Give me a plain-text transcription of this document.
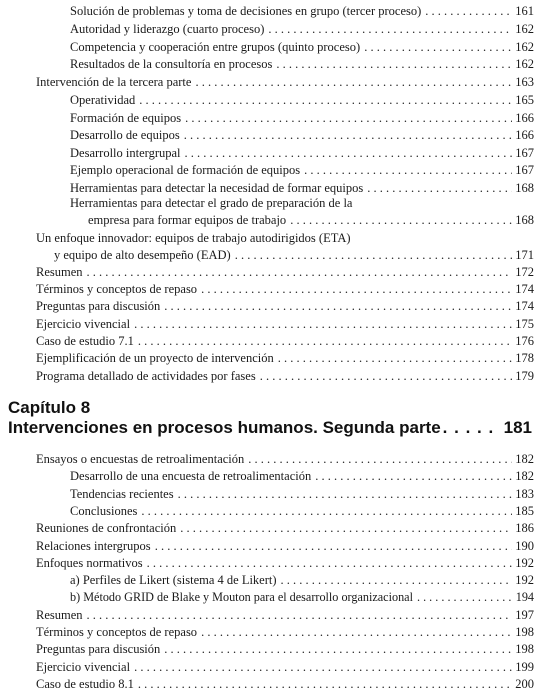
Solución de problemas y toma de decisiones en grupo (tercer proceso) . . .	161
Autoridad y liderazgo (cuarto proceso) . . .	162
Competencia y cooperación entre grupos (quinto proceso) . . .	162
Resultados de la consultoría en procesos . . .	162
Intervención de la tercera parte . . .	163
Operatividad . . .	165
Formación de equipos . . .	166
Desarrollo de equipos . . .	166
Desarrollo intergrupal . . .	167
Ejemplo operacional de formación de equipos . . .	167
Herramientas para detectar la necesidad de formar equipos . . .	168
Herramientas para detectar el grado de preparación de la
empresa para formar equipos de trabajo . . .	168
Un enfoque innovador: equipos de trabajo autodirigidos (ETA)
y equipo de alto desempeño (EAD) . . .	171
Resumen . . .	172
Términos y conceptos de repaso . . .	174
Preguntas para discusión . . .	174
Ejercicio vivencial . . .	175
Caso de estudio 7.1 . . .	176
Ejemplificación de un proyecto de intervención . . .	178
Programa detallado de actividades por fases . . .	179
Capítulo 8
Intervenciones en procesos humanos. Segunda parte . . .	181
Ensayos o encuestas de retroalimentación . . .	182
Desarrollo de una encuesta de retroalimentación . . .	182
Tendencias recientes . . .	183
Conclusiones . . .	185
Reuniones de confrontación . . .	186
Relaciones intergrupos . . .	190
Enfoques normativos . . .	192
a) Perfiles de Likert (sistema 4 de Likert) . . .	192
b) Método GRID de Blake y Mouton para el desarrollo organizacional . . .	194
Resumen . . .	197
Términos y conceptos de repaso . . .	198
Preguntas para discusión . . .	198
Ejercicio vivencial . . .	199
Caso de estudio 8.1 . . .	200
